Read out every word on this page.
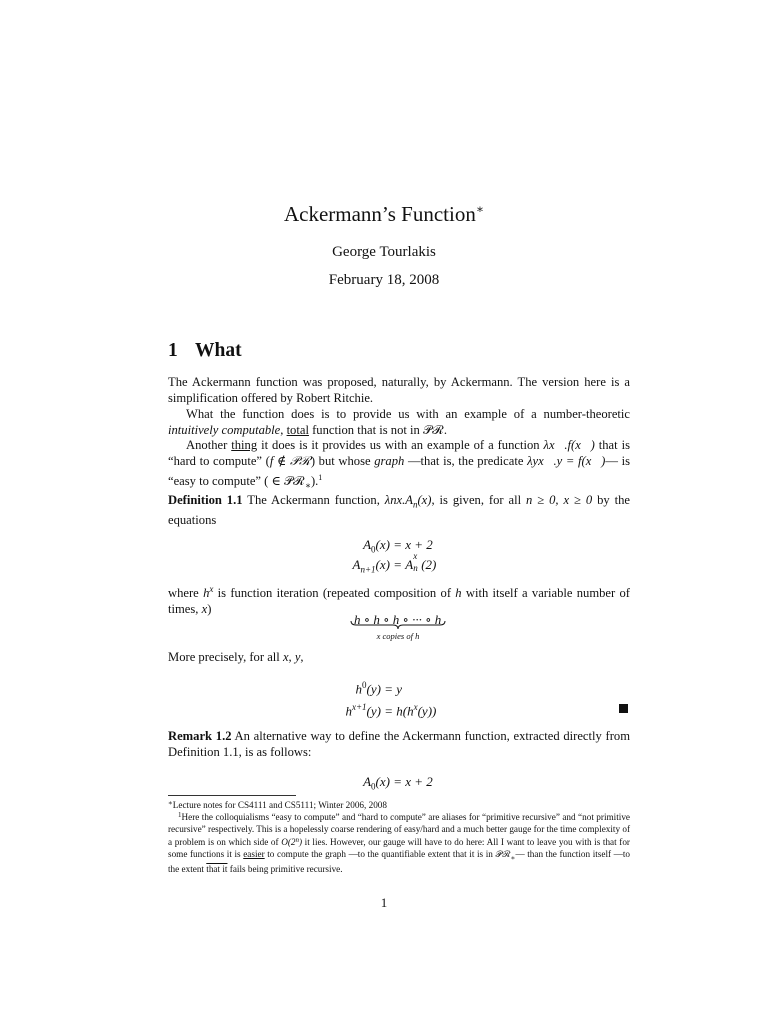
Ackermann’s Function∗
George Tourlakis
February 18, 2008
1 What
The Ackermann function was proposed, naturally, by Ackermann. The version here is a simplification offered by Robert Ritchie.
What the function does is to provide us with an example of a number-theoretic intuitively computable, total function that is not in 𝒫ℛ.
Another thing it does is it provides us with an example of a function λx⃗.f(x⃗) that is “hard to compute” (f ∉ 𝒫ℛ) but whose graph —that is, the predicate λyx⃗.y = f(x⃗)— is “easy to compute” ( ∈ 𝒫ℛ$_∗$).$^1$
Definition 1.1 The Ackermann function, $\lambda nx.A_n(x)$, is given, for all n ≥ 0, x ≥ 0 by the equations
$A_0(x) = x + 2$
$A_{n+1}(x) = A$
x
n (2)
where $h^x$ is function iteration (repeated composition of h with itself a variable number of times, x)
h ∘ h ∘ h ∘ ··· ∘ h
x copies of h
More precisely, for all x, y,
$h^0(y) = y$
$h^{x+1}(y) = h(h^x(y))$
Remark 1.2 An alternative way to define the Ackermann function, extracted directly from Definition 1.1, is as follows:
$A_0(x) = x + 2$
∗Lecture notes for CS4111 and CS5111; Winter 2006, 2008
$^1$Here the colloquialisms “easy to compute” and “hard to compute” are aliases for “primitive recursive” and “not primitive recursive” respectively. This is a hopelessly coarse rendering of easy/hard and a much better gauge for the time complexity of a problem is on which side of O(2$^n$) it lies. However, our gauge will have to do here: All I want to leave you with is that for some functions it is easier to compute the graph —to the quantifiable extent that it is in 𝒫ℛ$_∗$— than the function itself —to the extent that it fails being primitive recursive.
1
